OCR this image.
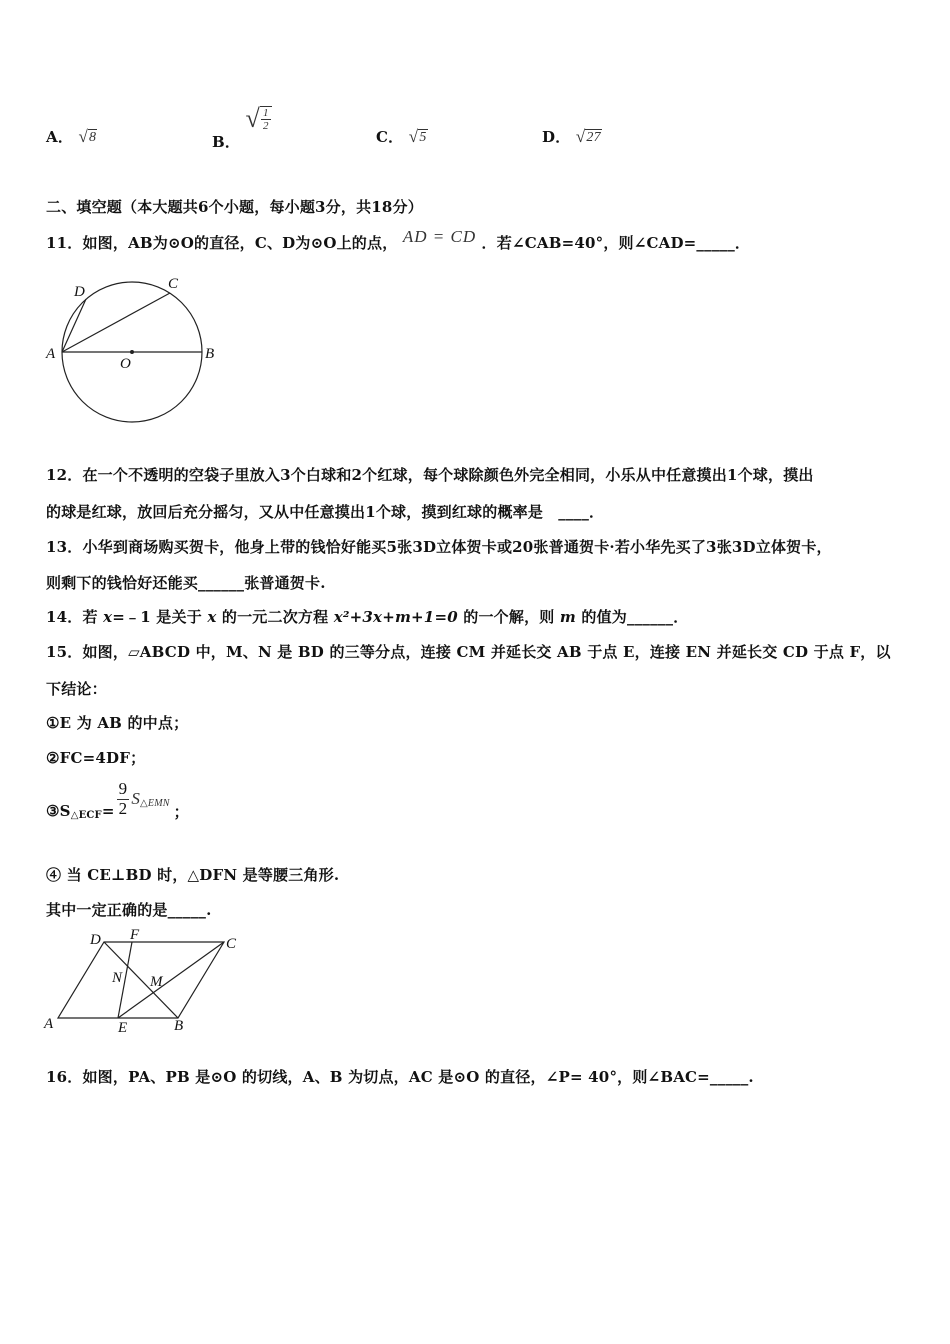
A． √ 8	B．
√ $\frac{1}{2}$
C． √ 5	D． √ 27
二、填空题（本大题共6个小题，每小题3分，共18分）
11．如图，AB为⊙O的直径，C、D为⊙O上的点， AD = CD ．若∠CAB=40°，则∠CAD=_____．
D	C
A
O
B
12．在一个不透明的空袋子里放入3个白球和2个红球，每个球除颜色外完全相同，小乐从中任意摸出1个球，摸出
的球是红球，放回后充分摇匀，又从中任意摸出1个球，摸到红球的概率是　____．
13．小华到商场购买贺卡，他身上带的钱恰好能买5张3D立体贺卡或20张普通贺卡·若小华先买了3张3D立体贺卡，
则剩下的钱恰好还能买______张普通贺卡.
14．若 x=﹣1 是关于 x 的一元二次方程 x²+3x+m+1=0 的一个解，则 m 的值为______．
15．如图，▱ABCD 中，M、N 是 BD 的三等分点，连接 CM 并延长交 AB 于点 E，连接 EN 并延长交 CD 于点 F，以
下结论：
①E 为 AB 的中点；
②FC=4DF；
③S △ECF = $\frac{9}{2}$ S △EMN ；
④ 当 CE⊥BD 时，△DFN 是等腰三角形.
其中一定正确的是_____.
D F
C
N M
A	E	B
16．如图，PA、PB 是⊙O 的切线，A、B 为切点，AC 是⊙O 的直径，∠P= 40°，则∠BAC=_____.
